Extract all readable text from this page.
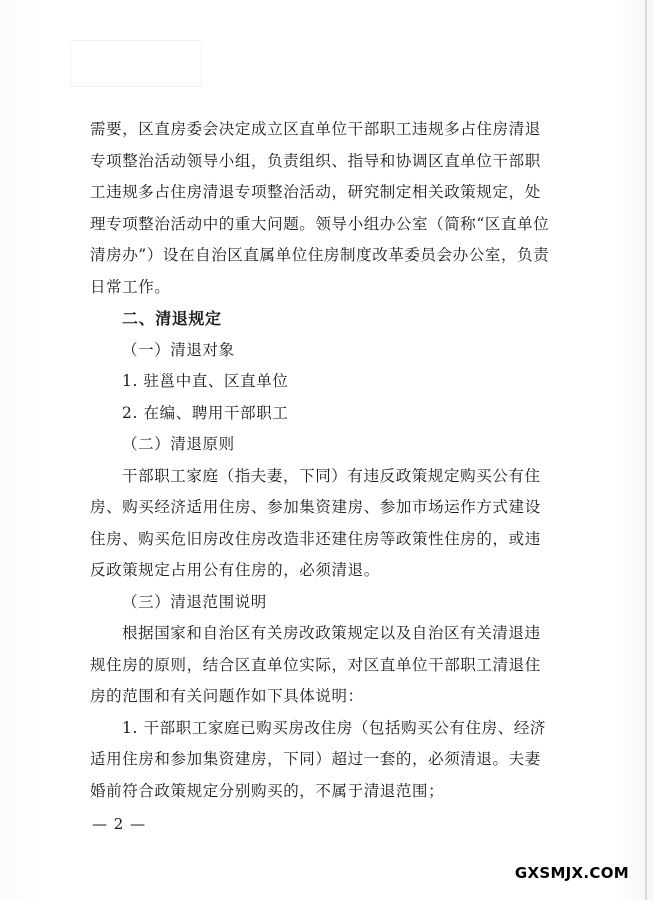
需要，区直房委会决定成立区直单位干部职工违规多占住房清退
专项整治活动领导小组，负责组织、指导和协调区直单位干部职
工违规多占住房清退专项整治活动，研究制定相关政策规定，处
理专项整治活动中的重大问题。领导小组办公室（简称“区直单位
清房办”）设在自治区直属单位住房制度改革委员会办公室，负责
日常工作。
二、清退规定
（一）清退对象
1. 驻邕中直、区直单位
2. 在编、聘用干部职工
（二）清退原则
干部职工家庭（指夫妻，下同）有违反政策规定购买公有住
房、购买经济适用住房、参加集资建房、参加市场运作方式建设
住房、购买危旧房改住房改造非还建住房等政策性住房的，或违
反政策规定占用公有住房的，必须清退。
（三）清退范围说明
根据国家和自治区有关房改政策规定以及自治区有关清退违
规住房的原则，结合区直单位实际，对区直单位干部职工清退住
房的范围和有关问题作如下具体说明：
1. 干部职工家庭已购买房改住房（包括购买公有住房、经济
适用住房和参加集资建房，下同）超过一套的，必须清退。夫妻
婚前符合政策规定分别购买的，不属于清退范围；
— 2 —
GXSMJX.COM
